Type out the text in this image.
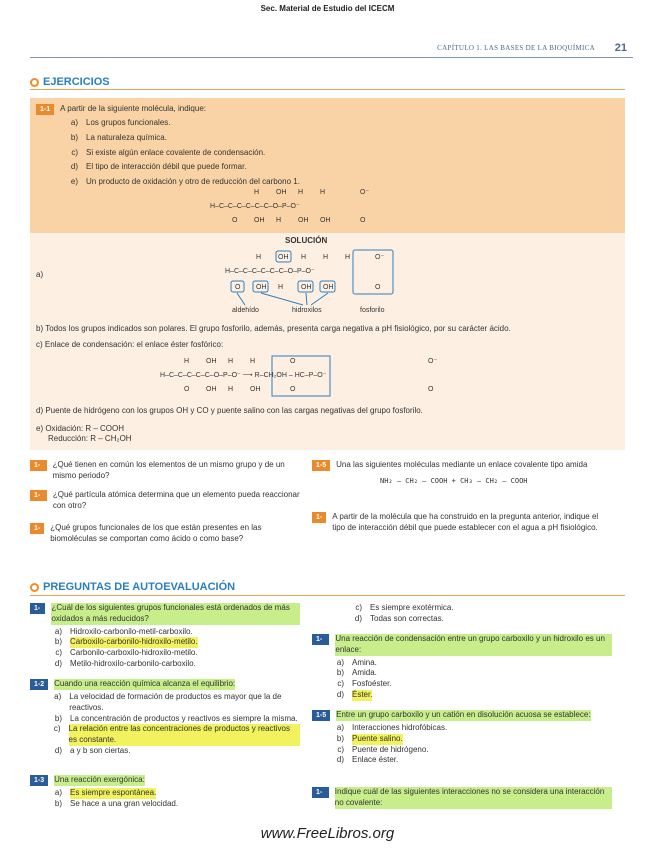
Sec. Material de Estudio del ICECM
CAPÍTULO 1. LAS BASES DE LA BIOQUÍMICA 21
EJERCICIOS
1-1	A partir de la siguiente molécula, indique:
a) Los grupos funcionales.
b) La naturaleza química.
c) Si existe algún enlace covalente de condensación.
d) El tipo de interacción débil que puede formar.
e) Un producto de oxidación y otro de reducción del carbono 1.
H OH H H	O⁻
H–C–C–C–C–C–C–O–P–O⁻
O OH H OH OH	O
SOLUCIÓN
a)
H OH H H H	O⁻
H–C–C–C–C–C–C–O–P–O⁻
O OH H	OH OH	O
aldehído	hidroxilos	fosforilo
b) Todos los grupos indicados son polares. El grupo fosforilo, además, presenta carga negativa a pH fisiológico, por su carácter ácido.
c) Enlace de condensación: el enlace éster fosfórico:
H OH H H	O	O⁻
H–C–C–C–C–C–O–P–O⁻ ⟶ R–CH₂OH – HC–P–O⁻
O OH H OH	O	O
d) Puente de hidrógeno con los grupos OH y CO y puente salino con las cargas negativas del grupo fosforilo.
e) Oxidación: R – COOH
Reducción: R – CH₂OH
1-2
¿Qué tienen en común los elementos de un mismo grupo y de un mismo periodo?
1-3
¿Qué partícula atómica determina que un elemento pueda reaccionar con otro?
1-4
¿Qué grupos funcionales de los que están presentes en las biomoléculas se comportan como ácido o como base?
1-5	Una las siguientes moléculas mediante un enlace covalente tipo amida
NH₂ – CH₂ – COOH + CH₃ – CH₂ – COOH
1-6
A partir de la molécula que ha construido en la pregunta anterior, indique el tipo de interacción débil que puede establecer con el agua a pH fisiológico.
PREGUNTAS DE AUTOEVALUACIÓN
1-1
¿Cuál de los siguientes grupos funcionales está ordenados de más oxidados a más reducidos?
a) Hidroxilo-carbonilo-metil-carboxilo.
b) Carboxilo-carbonilo-hidroxilo-metilo.
c) Carbonilo-carboxilo-hidroxilo-metilo.
d) Metilo-hidroxilo-carbonilo-carboxilo.
1-2	Cuando una reacción química alcanza el equilibrio:
a) La velocidad de formación de productos es mayor que la de reactivos.
b) La concentración de productos y reactivos es siempre la misma.
c) La relación entre las concentraciones de productos y reactivos es constante.
d) a y b son ciertas.
1-3	Una reacción exergónica:
a) Es siempre espontánea.
b) Se hace a una gran velocidad.
c) Es siempre exotérmica.
d) Todas son correctas.
1-4
Una reacción de condensación entre un grupo carboxilo y un hidroxilo es un enlace:
a) Amina.
b) Amida.
c) Fosfoéster.
d) Éster.
1-5	Entre un grupo carboxilo y un catión en disolución acuosa se establece:
a) Interacciones hidrofóbicas.
b) Puente salino.
c) Puente de hidrógeno.
d) Enlace éster.
1-6
Indique cuál de las siguientes interacciones no se considera una interacción no covalente:
www.FreeLibros.org
